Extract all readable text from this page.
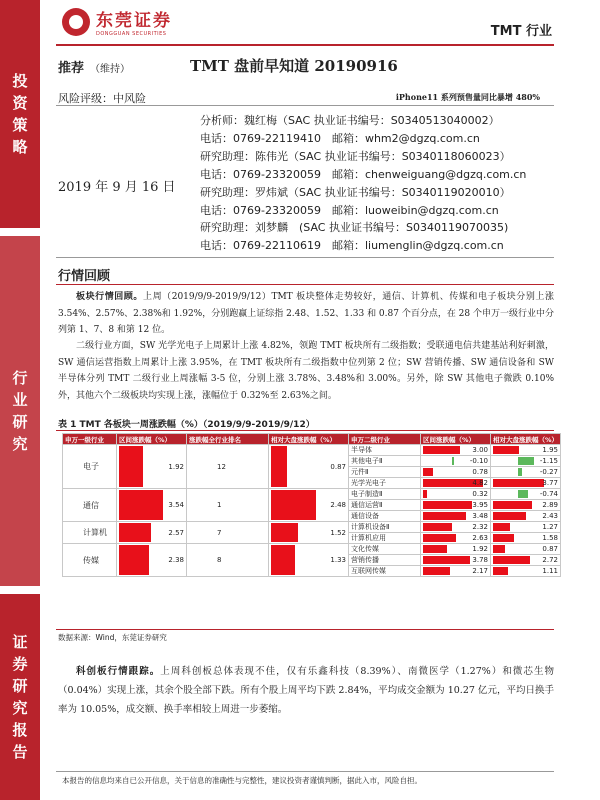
投
资
策
略
行
业
研
究
证
券
研
究
报
告
东莞证券
DONGGUAN SECURITIES	TMT 行业
推荐 （维持）	TMT 盘前早知道 20190916
风险评级：中风险	iPhone11 系列预售量同比暴增 480%
2019 年 9 月 16 日
分析师：魏红梅（SAC 执业证书编号：S0340513040002）
电话：0769-22119410　邮箱：whm2@dgzq.com.cn
研究助理：陈伟光（SAC 执业证书编号：S0340118060023）
电话：0769-23320059　邮箱：chenweiguang@dgzq.com.cn
研究助理：罗炜斌（SAC 执业证书编号：S0340119020010）
电话：0769-23320059　邮箱：luoweibin@dgzq.com.cn
研究助理：刘梦麟　(SAC 执业证书编号：S0340119070035)
电话：0769-22110619　邮箱：liumenglin@dgzq.com.cn
行情回顾
板块行情回顾。上周（2019/9/9-2019/9/12）TMT 板块整体走势较好，通信、计算机、传媒和电子板块分别上涨 3.54%、2.57%、2.38%和 1.92%，分别跑赢上证综指 2.48、1.52、1.33 和 0.87 个百分点，在 28 个申万一级行业中分列第 1、7、8 和第 12 位。
二级行业方面，SW 光学光电子上周累计上涨 4.82%，领跑 TMT 板块所有二级指数；受联通电信共建基站利好刺激，SW 通信运营指数上周累计上涨 3.95%，在 TMT 板块所有二级指数中位列第 2 位；SW 营销传播、SW 通信设备和 SW 半导体分列 TMT 二级行业上周涨幅 3-5 位，分别上涨 3.78%、3.48%和 3.00%。另外，除 SW 其他电子微跌 0.10%外，其他六个二级板块均实现上涨，涨幅位于 0.32%至 2.63%之间。
表 1 TMT 各板块一周涨跌幅（%）（2019/9/9-2019/9/12）
申万一级行业	区间涨跌幅（%）	涨跌幅全行业排名	相对大盘涨跌幅（%）	申万二级行业	区间涨跌幅（%）	相对大盘涨跌幅（%）
电子	1.92	12	0.87	半导体	3.00	1.95

				其他电子Ⅱ	-0.10	-1.15

				元件Ⅱ	0.78	-0.27

				光学光电子	4.82	3.77

通信	3.54	1	2.48	电子制造Ⅱ	0.32	-0.74

				通信运营Ⅱ	3.95	2.89

				通信设备	3.48	2.43

计算机	2.57	7	1.52	计算机设备Ⅱ	2.32	1.27

				计算机应用	2.63	1.58

传媒	2.38	8	1.33	文化传媒	1.92	0.87

				营销传播	3.78	2.72

				互联网传媒	2.17	1.11
数据来源：Wind，东莞证券研究
科创板行情跟踪。上周科创板总体表现不佳，仅有乐鑫科技（8.39%）、南微医学（1.27%）和微芯生物（0.04%）实现上涨，其余个股全部下跌。所有个股上周平均下跌 2.84%，平均成交金额为 10.27 亿元，平均日换手率为 10.05%，成交额、换手率相较上周进一步萎缩。
本报告的信息均来自已公开信息，关于信息的准确性与完整性，建议投资者谨慎判断，据此入市，风险自担。
